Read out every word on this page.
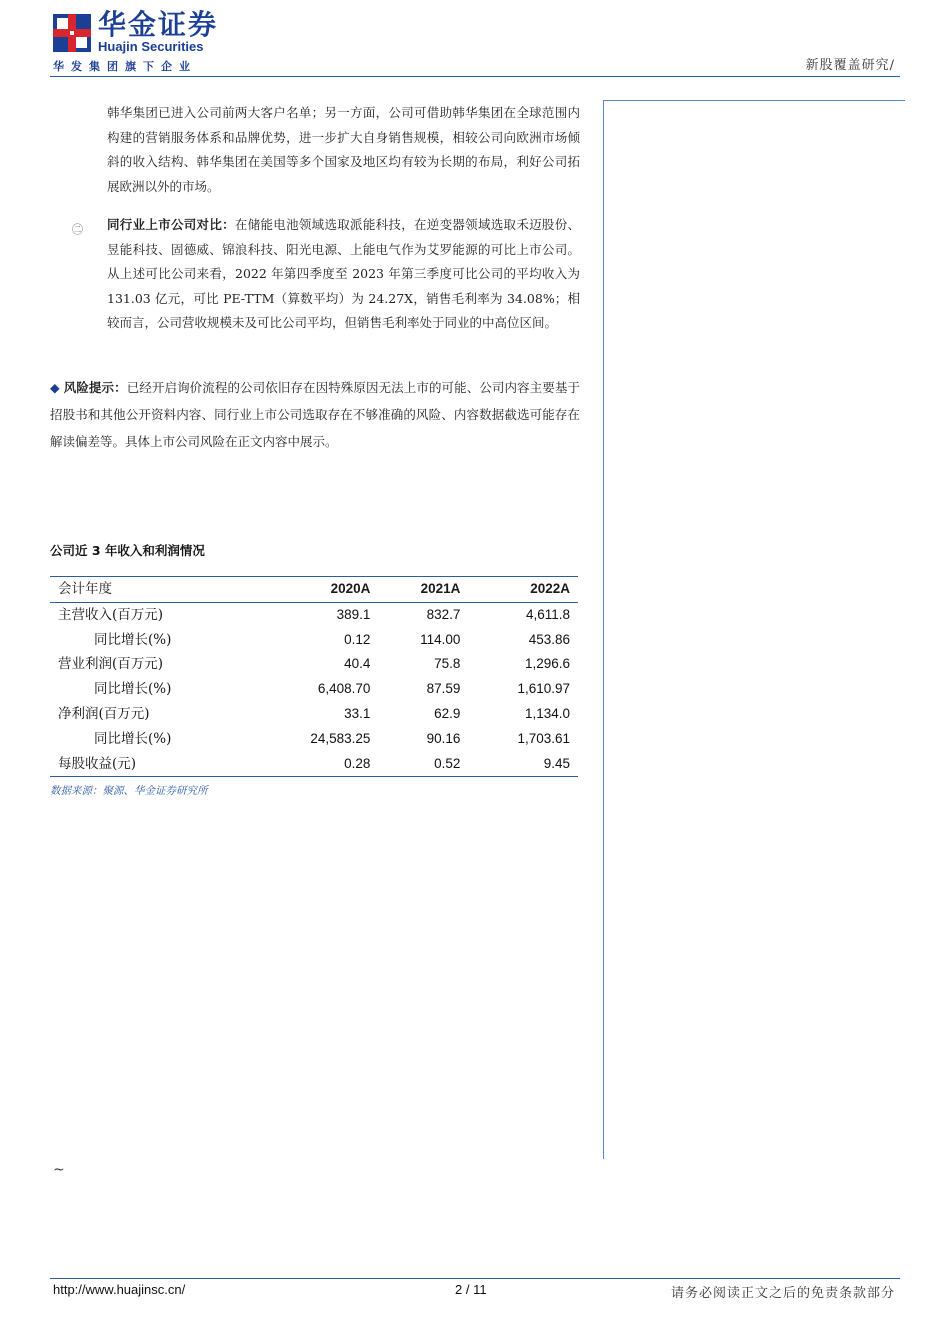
华金证券
Huajin Securities
华发集团旗下企业	新股覆盖研究/
韩华集团已进入公司前两大客户名单；另一方面，公司可借助韩华集团在全球范围内构建的营销服务体系和品牌优势，进一步扩大自身销售规模，相较公司向欧洲市场倾斜的收入结构、韩华集团在美国等多个国家及地区均有较为长期的布局，利好公司拓展欧洲以外的市场。
㊁ 同行业上市公司对比：在储能电池领域选取派能科技，在逆变器领域选取禾迈股份、昱能科技、固德威、锦浪科技、阳光电源、上能电气作为艾罗能源的可比上市公司。从上述可比公司来看，2022 年第四季度至 2023 年第三季度可比公司的平均收入为 131.03 亿元，可比 PE-TTM（算数平均）为 24.27X，销售毛利率为 34.08%；相较而言，公司营收规模未及可比公司平均，但销售毛利率处于同业的中高位区间。
◆ 风险提示：已经开启询价流程的公司依旧存在因特殊原因无法上市的可能、公司内容主要基于招股书和其他公开资料内容、同行业上市公司选取存在不够准确的风险、内容数据截选可能存在解读偏差等。具体上市公司风险在正文内容中展示。
公司近 3 年收入和利润情况
会计年度	2020A	2021A	2022A
主营收入(百万元)	389.1	832.7	4,611.8
同比增长(%)	0.12	114.00	453.86
营业利润(百万元)	40.4	75.8	1,296.6
同比增长(%)	6,408.70	87.59	1,610.97
净利润(百万元)	33.1	62.9	1,134.0
同比增长(%)	24,583.25	90.16	1,703.61
每股收益(元)	0.28	0.52	9.45
数据来源：聚源、华金证券研究所
~
http://www.huajinsc.cn/	2 / 11	请务必阅读正文之后的免责条款部分
